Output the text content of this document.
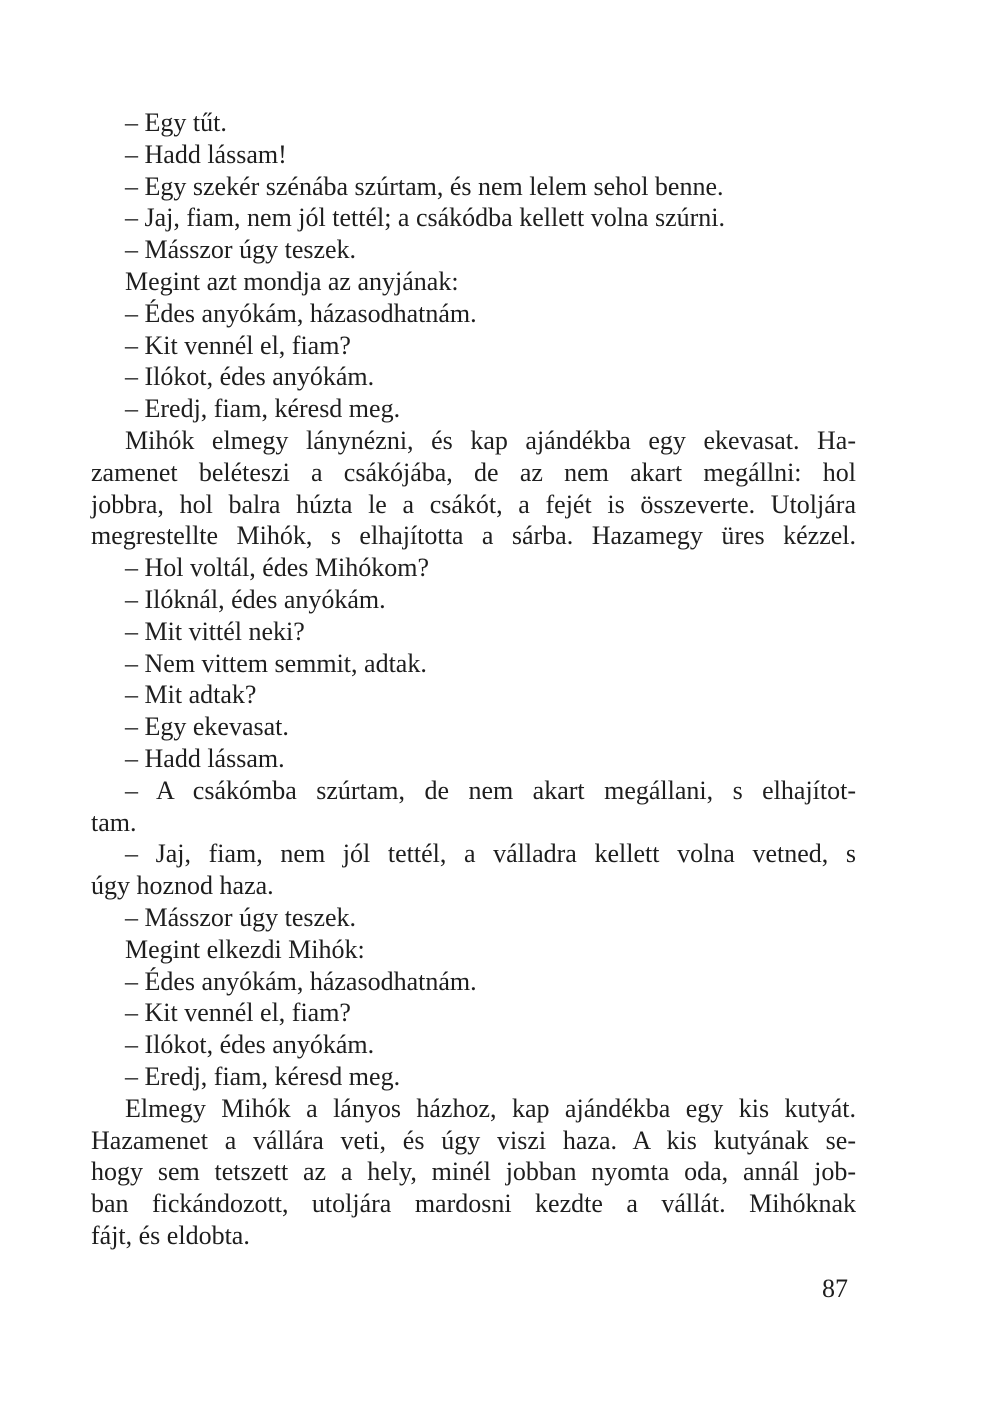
– Egy tűt.

– Hadd lássam!

– Egy szekér szénába szúrtam, és nem lelem sehol benne.

– Jaj, fiam, nem jól tettél; a csákódba kellett volna szúrni.

– Másszor úgy teszek.

Megint azt mondja az anyjának:

– Édes anyókám, házasodhatnám.

– Kit vennél el, fiam?

– Ilókot, édes anyókám.

– Eredj, fiam, kéresd meg.

Mihók elmegy lánynézni, és kap ajándékba egy ekevasat. Ha-

zamenet beléteszi a csákójába, de az nem akart megállni: hol

jobbra, hol balra húzta le a csákót, a fejét is összeverte. Utoljára

megrestellte Mihók, s elhajította a sárba. Hazamegy üres kézzel.

– Hol voltál, édes Mihókom?

– Ilóknál, édes anyókám.

– Mit vittél neki?

– Nem vittem semmit, adtak.

– Mit adtak?

– Egy ekevasat.

– Hadd lássam.

– A csákómba szúrtam, de nem akart megállani, s elhajítot-

tam.

– Jaj, fiam, nem jól tettél, a válladra kellett volna vetned, s

úgy hoznod haza.

– Másszor úgy teszek.

Megint elkezdi Mihók:

– Édes anyókám, házasodhatnám.

– Kit vennél el, fiam?

– Ilókot, édes anyókám.

– Eredj, fiam, kéresd meg.

Elmegy Mihók a lányos házhoz, kap ajándékba egy kis kutyát.

Hazamenet a vállára veti, és úgy viszi haza. A kis kutyának se-

hogy sem tetszett az a hely, minél jobban nyomta oda, annál job-

ban fickándozott, utoljára mardosni kezdte a vállát. Mihóknak

fájt, és eldobta.

87
